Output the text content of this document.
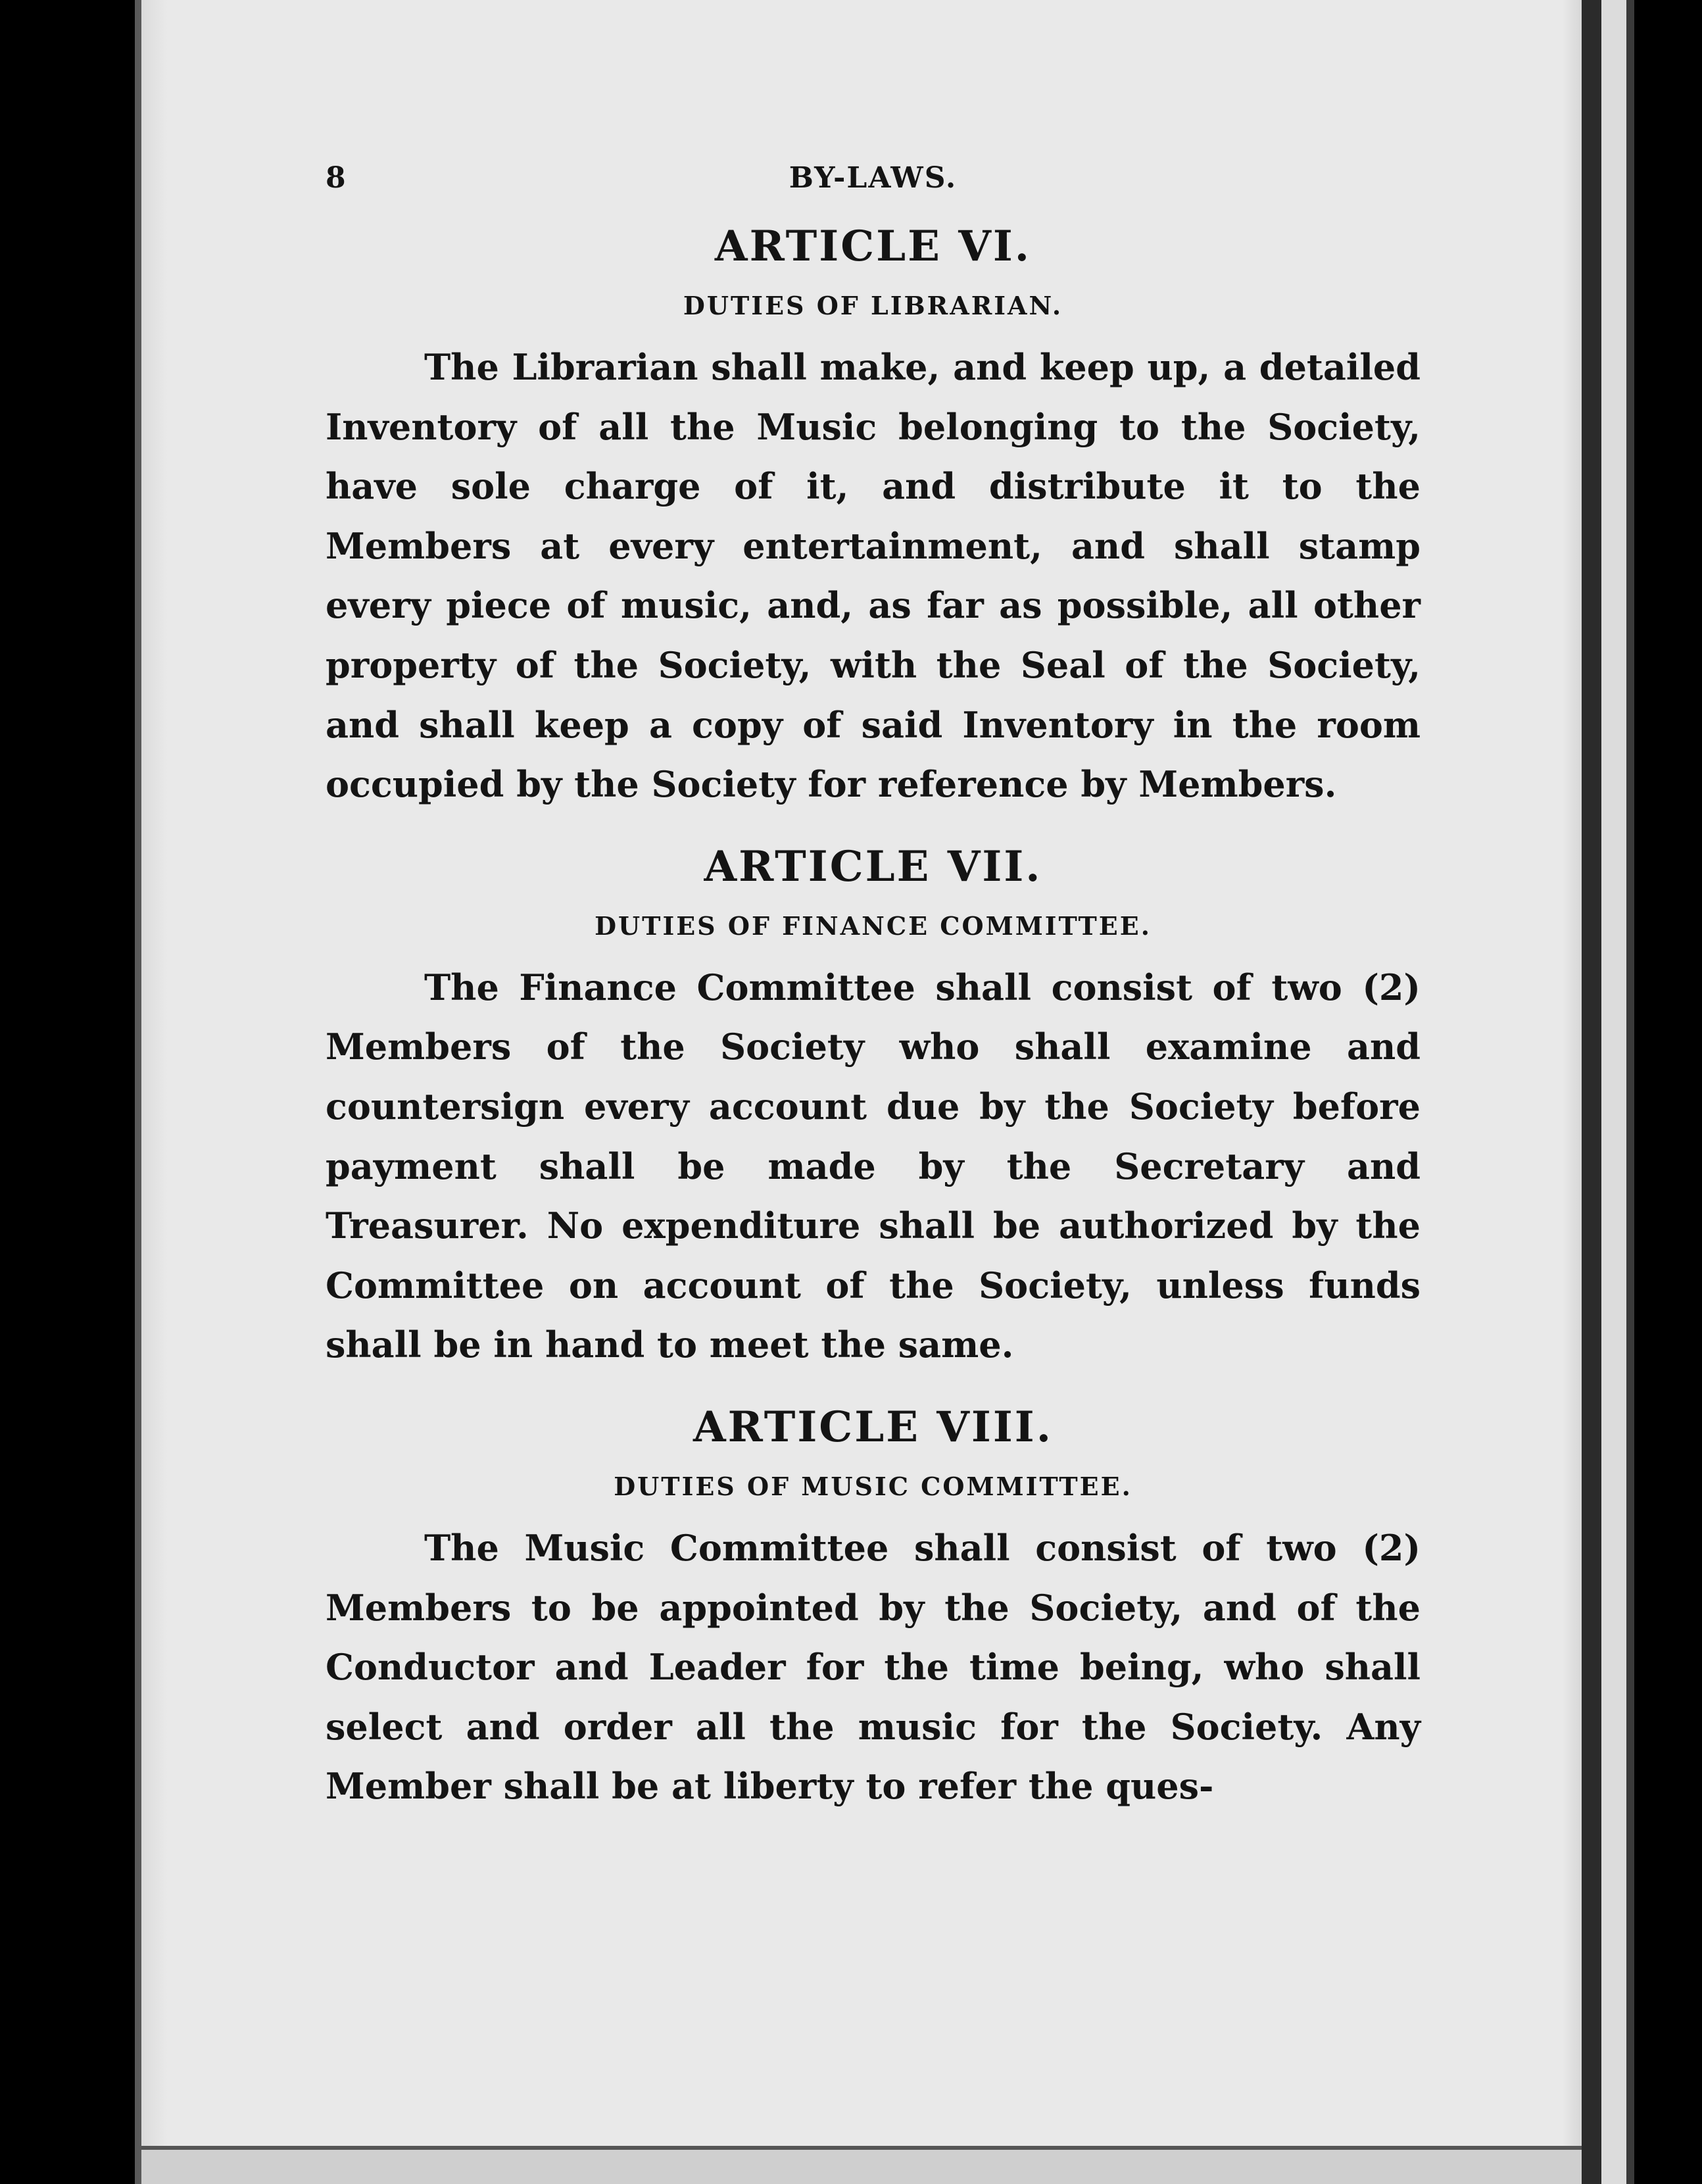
8	BY-LAWS.
ARTICLE VI.
DUTIES OF LIBRARIAN.

The Librarian shall make, and keep up, a detailed Inventory of all the Music belonging to the Society, have sole charge of it, and distribute it to the Members at every entertainment, and shall stamp every piece of music, and, as far as possible, all other property of the Society, with the Seal of the Society, and shall keep a copy of said Inventory in the room occupied by the Society for reference by Members.

ARTICLE VII.
DUTIES OF FINANCE COMMITTEE.

The Finance Committee shall consist of two (2) Members of the Society who shall examine and countersign every account due by the Society before payment shall be made by the Secretary and Treasurer. No expenditure shall be authorized by the Committee on account of the Society, unless funds shall be in hand to meet the same.

ARTICLE VIII.
DUTIES OF MUSIC COMMITTEE.

The Music Committee shall consist of two (2) Members to be appointed by the Society, and of the Conductor and Leader for the time being, who shall select and order all the music for the Society. Any Member shall be at liberty to refer the ques-
